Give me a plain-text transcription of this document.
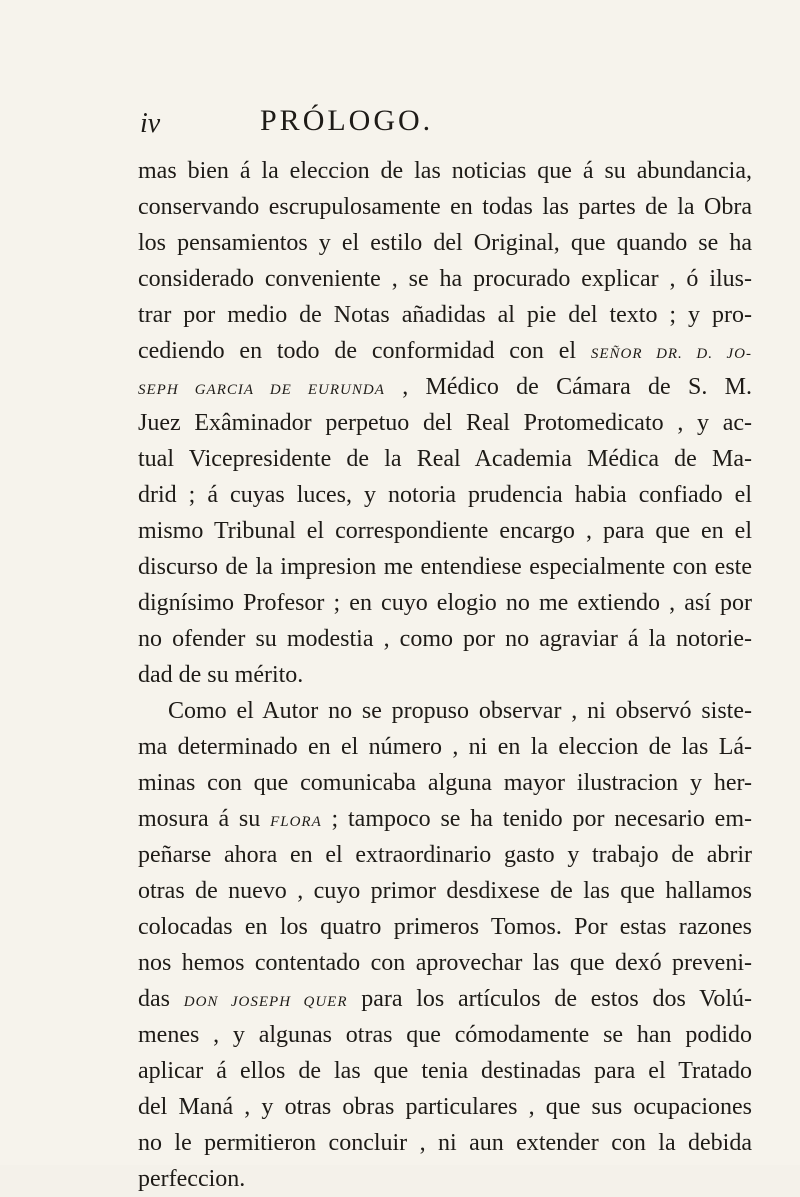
iv	PRÓLOGO.
mas bien á la eleccion de las noticias que á su abundancia,
conservando escrupulosamente en todas las partes de la Obra
los pensamientos y el estilo del Original, que quando se ha
considerado conveniente , se ha procurado explicar , ó ilus-
trar por medio de Notas añadidas al pie del texto ; y pro-
cediendo en todo de conformidad con el SEÑOR DR. D. JO-
SEPH GARCIA DE EURUNDA , Médico de Cámara de S. M.
Juez Exâminador perpetuo del Real Protomedicato , y ac-
tual Vicepresidente de la Real Academia Médica de Ma-
drid ; á cuyas luces, y notoria prudencia habia confiado el
mismo Tribunal el correspondiente encargo , para que en el
discurso de la impresion me entendiese especialmente con este
dignísimo Profesor ; en cuyo elogio no me extiendo , así por
no ofender su modestia , como por no agraviar á la notorie-
dad de su mérito.
Como el Autor no se propuso observar , ni observó siste-
ma determinado en el número , ni en la eleccion de las Lá-
minas con que comunicaba alguna mayor ilustracion y her-
mosura á su FLORA ; tampoco se ha tenido por necesario em-
peñarse ahora en el extraordinario gasto y trabajo de abrir
otras de nuevo , cuyo primor desdixese de las que hallamos
colocadas en los quatro primeros Tomos. Por estas razones
nos hemos contentado con aprovechar las que dexó preveni-
das DON JOSEPH QUER para los artículos de estos dos Volú-
menes , y algunas otras que cómodamente se han podido
aplicar á ellos de las que tenia destinadas para el Tratado
del Maná , y otras obras particulares , que sus ocupaciones
no le permitieron concluir , ni aun extender con la debida
perfeccion.
